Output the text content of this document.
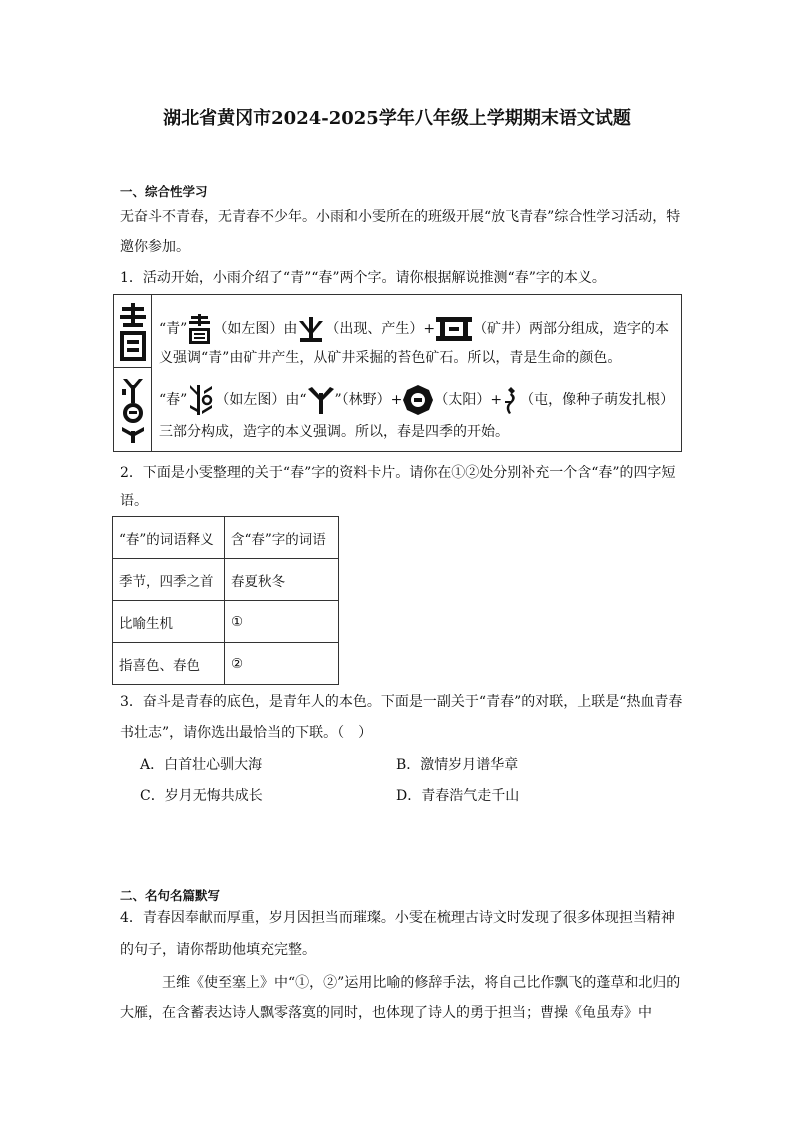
湖北省黄冈市2024-2025学年八年级上学期期末语文试题
一、综合性学习
无奋斗不青春，无青春不少年。小雨和小雯所在的班级开展“放飞青春”综合性学习活动，特
邀你参加。
1．活动开始，小雨介绍了“青”“春”两个字。请你根据解说推测“春”字的本义。
“青” （如左图）由 （出现、产生）+	（矿井）两部分组成，造字的本
义强调“青”由矿井产生，从矿井采掘的苔色矿石。所以，青是生命的颜色。
“春” （如左图）由“ ”（林野）+ （太阳）+ （屯，像种子萌发扎根）
三部分构成，造字的本义强调。所以，春是四季的开始。
2．下面是小雯整理的关于“春”字的资料卡片。请你在①②处分别补充一个含“春”的四字短
语。
“春”的词语释义	含“春”字的词语
季节，四季之首	春夏秋冬
比喻生机	①
指喜色、春色	②
3．奋斗是青春的底色，是青年人的本色。下面是一副关于“青春”的对联，上联是“热血青春
书壮志”，请你选出最恰当的下联。（　）
A．白首壮心驯大海	B．激情岁月谱华章
C．岁月无悔共成长	D．青春浩气走千山
二、名句名篇默写
4．青春因奉献而厚重，岁月因担当而璀璨。小雯在梳理古诗文时发现了很多体现担当精神
的句子，请你帮助他填充完整。
王维《使至塞上》中“①，②”运用比喻的修辞手法，将自己比作飘飞的蓬草和北归的
大雁，在含蓄表达诗人飘零落寞的同时，也体现了诗人的勇于担当；曹操《龟虽寿》中
